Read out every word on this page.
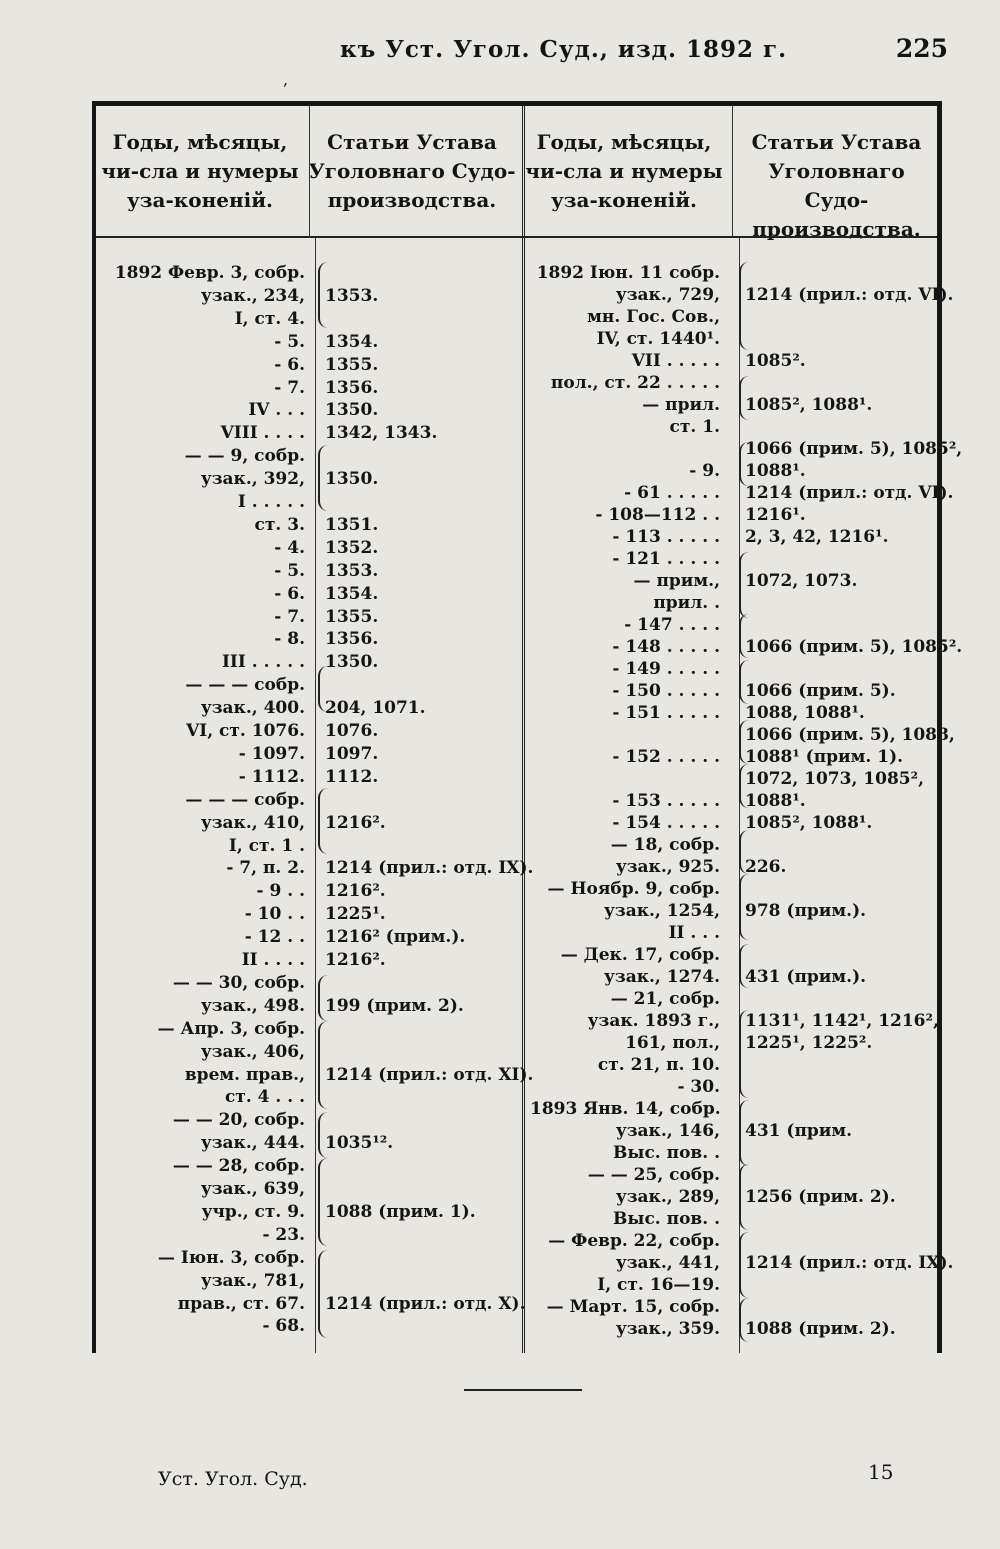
,
къ Уст. Угол. Суд., изд. 1892 г.	225
Годы, мѣсяцы, чи-сла и нумеры уза-коненій.
Статьи Устава Уголовнаго Судо-производства.
Годы, мѣсяцы, чи-сла и нумеры уза-коненій.
Статьи Устава Уголовнаго Судо-производства.
1892 Февр. 3, собр.
узак., 234, 1353.
I, ст. 4.
- 5. 1354.
- 6. 1355.
- 7. 1356.
IV . . . 1350.
VIII . . . . 1342, 1343.
— — 9, собр.
узак., 392, 1350.
I . . . . .
ст. 3. 1351.
- 4. 1352.
- 5. 1353.
- 6. 1354.
- 7. 1355.
- 8. 1356.
III . . . . . 1350.
— — — собр.
узак., 400. 204, 1071.
VI, ст. 1076. 1076.
- 1097. 1097.
- 1112. 1112.
— — — собр.
узак., 410, 1216².
I, ст. 1 .
- 7, п. 2. 1214 (прил.: отд. IX).
- 9 . . 1216².
- 10 . . 1225¹.
- 12 . . 1216² (прим.).
II . . . . 1216².
— — 30, собр.
узак., 498. 199 (прим. 2).
— Апр. 3, собр.
узак., 406,
врем. прав., 1214 (прил.: отд. XI).
ст. 4 . . .
— — 20, собр.
узак., 444. 1035¹².
— — 28, собр.
узак., 639,
учр., ст. 9. 1088 (прим. 1).
- 23.
— Іюн. 3, собр.
узак., 781,
прав., ст. 67. 1214 (прил.: отд. X).
- 68.
1892 Іюн. 11 собр.
узак., 729, 1214 (прил.: отд. VI).
мн. Гос. Сов.,
IV, ст. 1440¹.
VII . . . . . 1085².
пол., ст. 22 . . . . .
— прил. 1085², 1088¹.
ст. 1.
1066 (прим. 5), 1085²,
- 9. 1088¹.
- 61 . . . . . 1214 (прил.: отд. VI).
- 108—112 . . 1216¹.
- 113 . . . . . 2, 3, 42, 1216¹.
- 121 . . . . .
— прим., 1072, 1073.
прил. .
- 147 . . . .
- 148 . . . . . 1066 (прим. 5), 1085².
- 149 . . . . .
- 150 . . . . . 1066 (прим. 5).
- 151 . . . . . 1088, 1088¹.
1066 (прим. 5), 1088,
- 152 . . . . . 1088¹ (прим. 1).
1072, 1073, 1085²,
- 153 . . . . . 1088¹.
- 154 . . . . . 1085², 1088¹.
— 18, собр.
узак., 925. 226.
— Ноябр. 9, собр.
узак., 1254, 978 (прим.).
II . . .
— Дек. 17, собр.
узак., 1274. 431 (прим.).
— 21, собр.
узак. 1893 г., 1131¹, 1142¹, 1216²,
161, пол., 1225¹, 1225².
ст. 21, п. 10.
- 30.
1893 Янв. 14, собр.
узак., 146, 431 (прим.
Выс. пов. .
— — 25, собр.
узак., 289, 1256 (прим. 2).
Выс. пов. .
— Февр. 22, собр.
узак., 441, 1214 (прил.: отд. IX).
I, ст. 16—19.
— Март. 15, собр.
узак., 359. 1088 (прим. 2).
Уст. Угол. Суд.	15
